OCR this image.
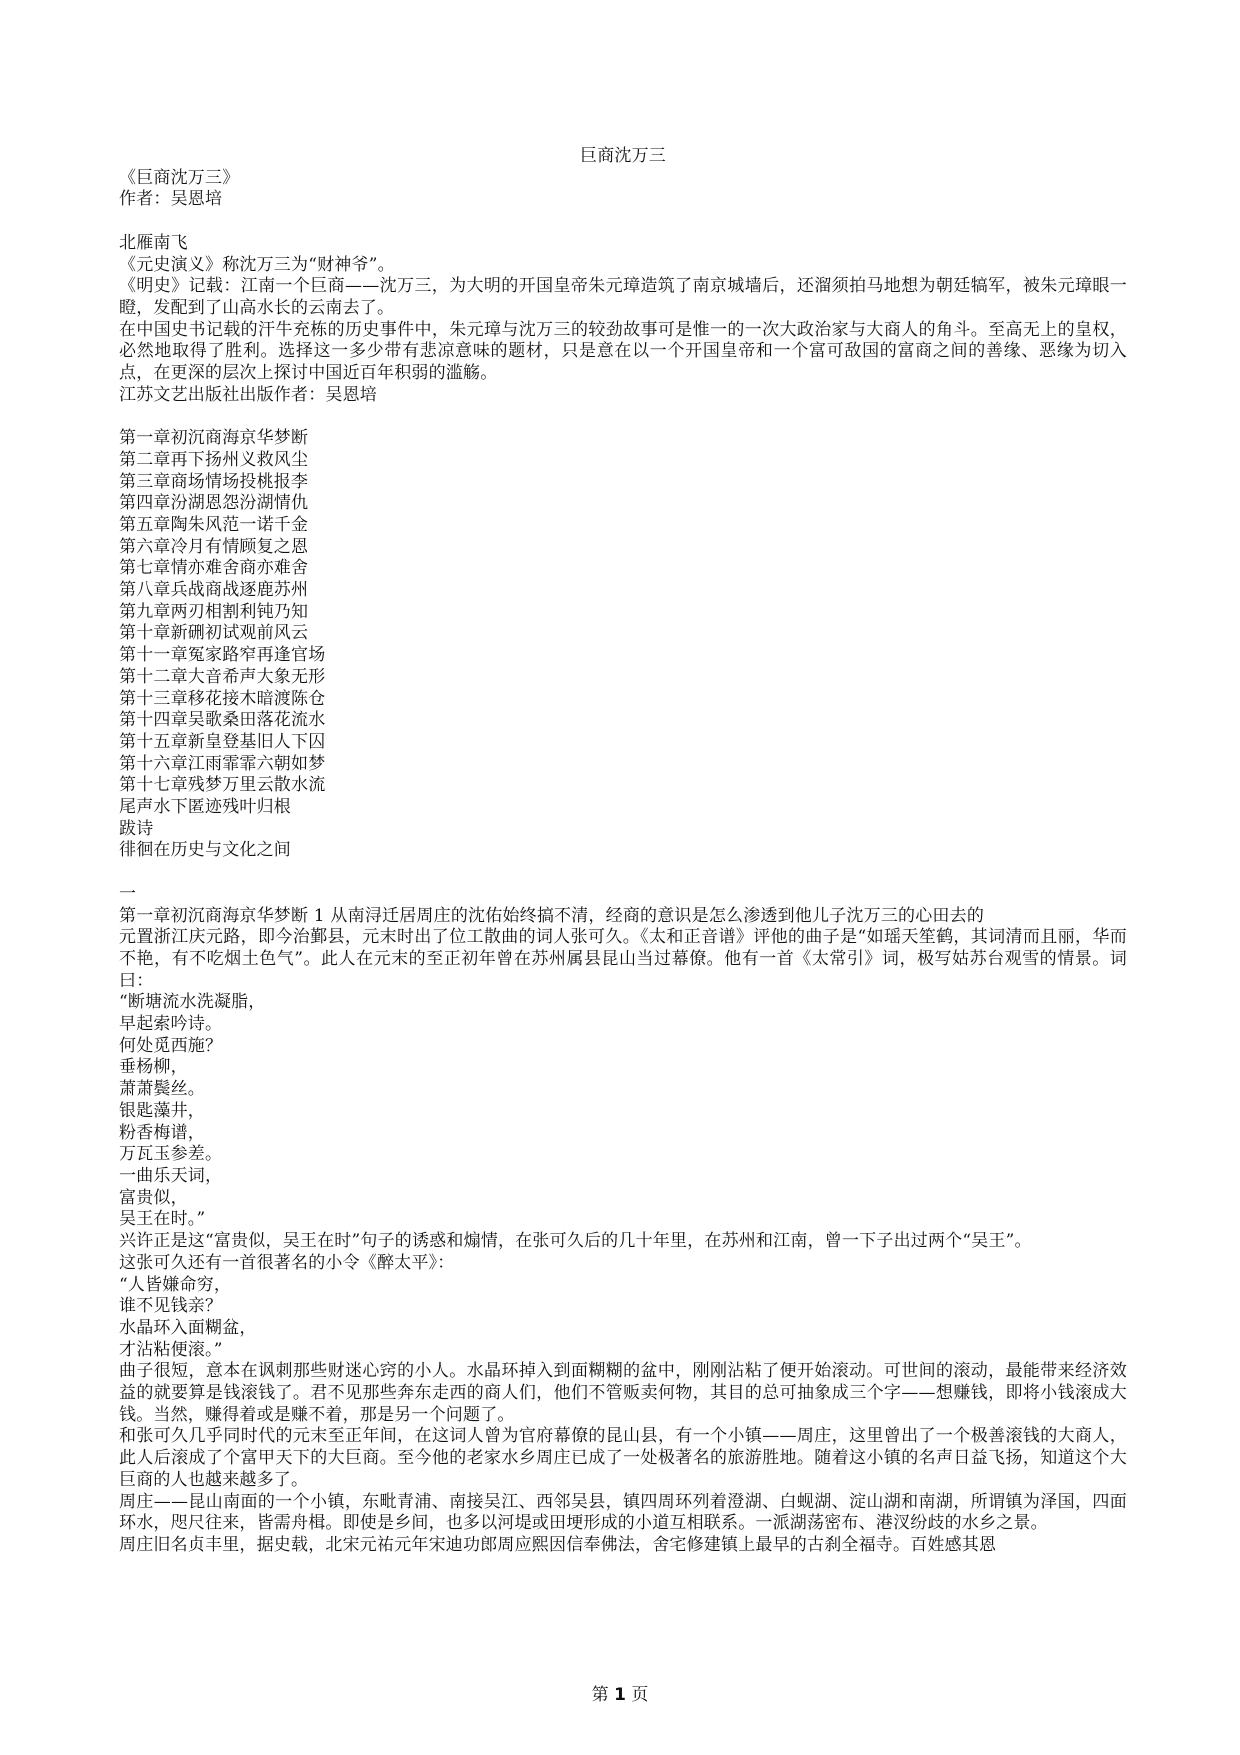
巨商沈万三

《巨商沈万三》

作者：吴恩培

北雁南飞

《元史演义》称沈万三为“财神爷”。

《明史》记载：江南一个巨商——沈万三，为大明的开国皇帝朱元璋造筑了南京城墙后，还溜须拍马地想为朝廷犒军，被朱元璋眼一瞪，发配到了山高水长的云南去了。

在中国史书记载的汗牛充栋的历史事件中，朱元璋与沈万三的较劲故事可是惟一的一次大政治家与大商人的角斗。至高无上的皇权，必然地取得了胜利。选择这一多少带有悲凉意味的题材，只是意在以一个开国皇帝和一个富可敌国的富商之间的善缘、恶缘为切入点，在更深的层次上探讨中国近百年积弱的滥觞。

江苏文艺出版社出版作者：吴恩培

第一章初沉商海京华梦断

第二章再下扬州义救风尘

第三章商场情场投桃报李

第四章汾湖恩怨汾湖情仇

第五章陶朱风范一诺千金

第六章冷月有情顾复之恩

第七章情亦难舍商亦难舍

第八章兵战商战逐鹿苏州

第九章两刃相割利钝乃知

第十章新硎初试观前风云

第十一章冤家路窄再逢官场

第十二章大音希声大象无形

第十三章移花接木暗渡陈仓

第十四章吴歌桑田落花流水

第十五章新皇登基旧人下囚

第十六章江雨霏霏六朝如梦

第十七章残梦万里云散水流

尾声水下匿迹残叶归根

跋诗

徘徊在历史与文化之间

一

第一章初沉商海京华梦断 1 从南浔迁居周庄的沈佑始终搞不清，经商的意识是怎么渗透到他儿子沈万三的心田去的

元置浙江庆元路，即今治鄞县，元末时出了位工散曲的词人张可久。《太和正音谱》评他的曲子是“如瑶天笙鹤，其词清而且丽，华而不艳，有不吃烟土色气”。此人在元末的至正初年曾在苏州属县昆山当过幕僚。他有一首《太常引》词，极写姑苏台观雪的情景。词曰：

“断塘流水洗凝脂，

早起索吟诗。

何处觅西施？

垂杨柳，

萧萧鬓丝。

银匙藻井，

粉香梅谱，

万瓦玉参差。

一曲乐天词，

富贵似，

吴王在时。”

兴许正是这“富贵似，吴王在时”句子的诱惑和煽情，在张可久后的几十年里，在苏州和江南，曾一下子出过两个“吴王”。

这张可久还有一首很著名的小令《醉太平》：

“人皆嫌命穷，

谁不见钱亲？

水晶环入面糊盆，

才沾粘便滚。”

曲子很短，意本在讽刺那些财迷心窍的小人。水晶环掉入到面糊糊的盆中，刚刚沾粘了便开始滚动。可世间的滚动，最能带来经济效益的就要算是钱滚钱了。君不见那些奔东走西的商人们，他们不管贩卖何物，其目的总可抽象成三个字——想赚钱，即将小钱滚成大钱。当然，赚得着或是赚不着，那是另一个问题了。

和张可久几乎同时代的元末至正年间，在这词人曾为官府幕僚的昆山县，有一个小镇——周庄，这里曾出了一个极善滚钱的大商人，此人后滚成了个富甲天下的大巨商。至今他的老家水乡周庄已成了一处极著名的旅游胜地。随着这小镇的名声日益飞扬，知道这个大巨商的人也越来越多了。

周庄——昆山南面的一个小镇，东毗青浦、南接吴江、西邻吴县，镇四周环列着澄湖、白蚬湖、淀山湖和南湖，所谓镇为泽国，四面环水，咫尺往来，皆需舟楫。即使是乡间，也多以河堤或田埂形成的小道互相联系。一派湖荡密布、港汊纷歧的水乡之景。

周庄旧名贞丰里，据史载，北宋元祐元年宋迪功郎周应熙因信奉佛法，舍宅修建镇上最早的古刹全福寺。百姓感其恩

第 1 页
